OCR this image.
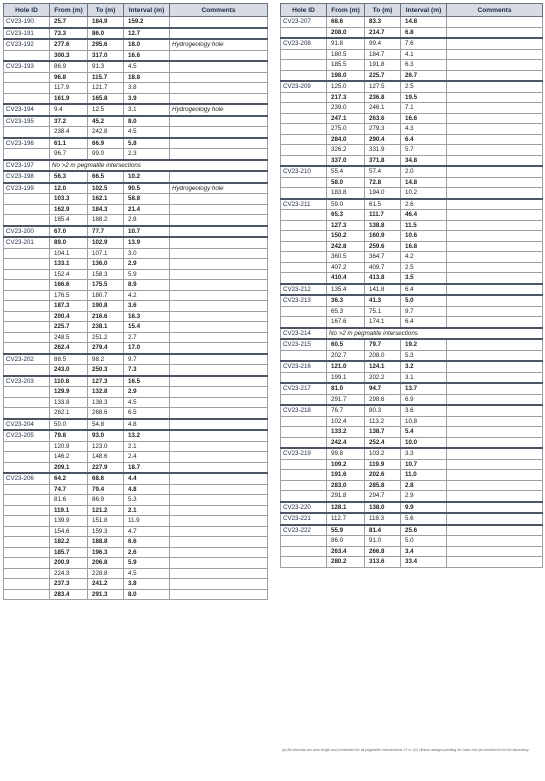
Hole ID	From (m)	To (m)	Interval (m)	Comments
CV23-190	25.7	184.9	159.2	
CV23-191	73.3	86.0	12.7	
CV23-192	277.6	295.6	18.0	Hydrogeology hole
	300.3	317.0	16.6	
CV23-193	86.9	91.3	4.5	
	96.8	115.7	18.8	
	117.9	121.7	3.8	
	161.9	165.8	3.9	
CV23-194	9.4	12.5	3.1	Hydrogeology hole
CV23-195	37.2	45.2	8.0	
	238.4	242.8	4.5	
CV23-196	61.1	66.9	5.8	
	96.7	99.0	2.3	
CV23-197	No >2 m pegmatite intersections			
CV23-198	56.3	66.5	10.2	
CV23-199	12.0	102.5	90.5	Hydrogeology hole
	103.3	162.1	58.8	
	162.9	184.3	21.4	
	185.4	188.2	2.8	
CV23-200	67.0	77.7	10.7	
CV23-201	89.0	102.9	13.9	
	104.1	107.1	3.0	
	133.1	136.0	2.9	
	152.4	158.3	5.9	
	166.6	175.5	8.9	
	176.5	180.7	4.2	
	187.3	190.8	3.6	
	200.4	216.6	16.3	
	225.7	238.1	15.4	
	248.5	251.2	2.7	
	262.4	279.4	17.0	
CV23-202	88.5	98.2	9.7	
	243.0	250.3	7.3	
CV23-203	110.8	127.3	16.5	
	129.9	132.8	2.9	
	133.8	138.3	4.5	
	262.1	268.6	6.5	
CV23-204	50.0	54.8	4.8	
CV23-205	79.8	93.0	13.2	
	120.9	123.0	2.1	
	146.2	148.6	2.4	
	209.1	227.9	18.7	
CV23-206	64.2	68.6	4.4	
	74.7	79.4	4.8	
	81.6	86.9	5.3	
	119.1	121.2	2.1	
	139.9	151.8	11.9	
	154.6	159.3	4.7	
	182.2	188.8	6.6	
	185.7	196.3	2.6	
	200.9	206.8	5.9	
	224.3	228.8	4.5	
	237.3	241.2	3.8	
	283.4	291.3	8.0	
Hole ID	From (m)	To (m)	Interval (m)	Comments
CV23-207	68.6	83.3	14.8	
	208.0	214.7	6.8	
CV23-208	91.8	99.4	7.6	
	180.5	184.7	4.1	
	185.5	191.8	6.3	
	198.0	225.7	26.7	
CV23-209	125.0	127.5	2.5	
	217.3	236.8	19.5	
	239.0	246.1	7.1	
	247.1	263.6	16.6	
	275.0	279.3	4.3	
	284.0	290.4	6.4	
	326.2	331.9	5.7	
	337.0	371.8	34.8	
CV23-210	55.4	57.4	2.0	
	58.0	72.8	14.8	
	183.8	194.0	10.2	
CV23-211	59.0	61.5	2.6	
	65.3	111.7	46.4	
	127.3	138.8	11.5	
	150.2	160.9	10.6	
	242.8	259.6	16.8	
	360.5	364.7	4.2	
	407.2	409.7	2.5	
	410.4	413.8	3.5	
CV23-212	135.4	141.8	6.4	
CV23-213	36.3	41.3	5.0	
	65.3	75.1	9.7	
	167.6	174.1	6.4	
CV23-214	No >2 m pegmatite intersections			
CV23-215	60.5	79.7	19.2	
	202.7	208.0	5.3	
CV23-216	121.0	124.1	3.2	
	199.1	202.2	3.1	
CV23-217	81.0	94.7	13.7	
	291.7	298.6	6.9	
CV23-218	76.7	80.3	3.6	
	102.4	113.2	10.8	
	133.2	138.7	5.4	
	242.4	252.4	10.0	
CV23-219	99.8	103.2	3.3	
	109.2	119.9	10.7	
	191.6	202.6	11.0	
	283.0	285.8	2.8	
	291.8	294.7	2.9	
CV23-220	128.1	138.0	9.9	
CV23-221	112.7	118.3	5.6	
CV23-222	55.9	81.4	25.6	
	86.0	91.0	5.0	
	263.4	266.8	3.4	
	280.2	313.6	33.4	
(a) All intervals are core length and presented for all pegmatite intersections >2 m. (b) Lithium assays pending for holes not yet received from the laboratory.
